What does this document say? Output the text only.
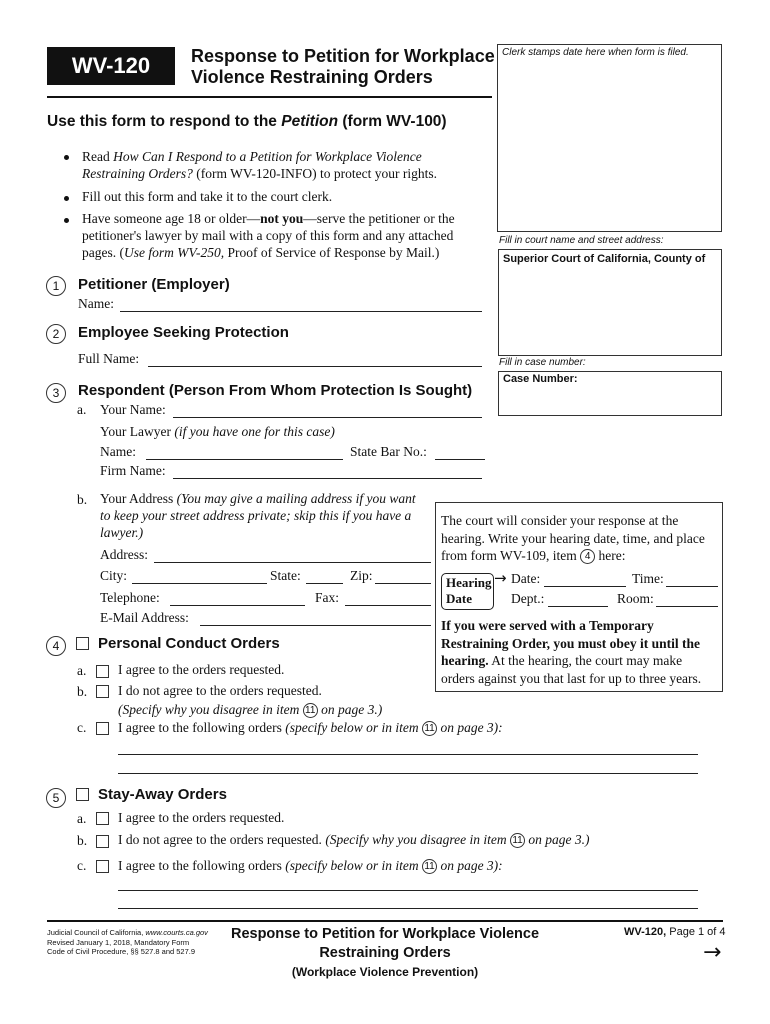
WV-120	Response to Petition for Workplace
Violence Restraining Orders
Clerk stamps date here when form is filed.
Use this form to respond to the Petition (form WV-100)
Read How Can I Respond to a Petition for Workplace Violence
Restraining Orders? (form WV-120-INFO) to protect your rights.
Fill out this form and take it to the court clerk.
Have someone age 18 or older—not you—serve the petitioner or the
petitioner's lawyer by mail with a copy of this form and any attached
pages. (Use form WV-250, Proof of Service of Response by Mail.)
Fill in court name and street address:
Superior Court of California, County of
Fill in case number:
Case Number:
1	Petitioner (Employer)
Name:
2	Employee Seeking Protection
Full Name:
3	Respondent (Person From Whom Protection Is Sought)
a. Your Name:
Your Lawyer (if you have one for this case)
Name:	State Bar No.:
Firm Name:
b. Your Address (You may give a mailing address if you want
to keep your street address private; skip this if you have a
lawyer.)
Address:
City:	State:	Zip:
Telephone:	Fax:
E-Mail Address:
The court will consider your response at the
hearing. Write your hearing date, time, and place
from form WV-109, item 4 here:
Hearing
Date
→ Date:	Time:
Dept.:	Room:
If you were served with a Temporary
Restraining Order, you must obey it until the
hearing. At the hearing, the court may make
orders against you that last for up to three years.
4	Personal Conduct Orders
a. I agree to the orders requested.
b. I do not agree to the orders requested.
(Specify why you disagree in item 11 on page 3.)
c. I agree to the following orders (specify below or in item 11 on page 3):
5	Stay-Away Orders
a. I agree to the orders requested.
b. I do not agree to the orders requested. (Specify why you disagree in item 11 on page 3.)
c. I agree to the following orders (specify below or in item 11 on page 3):
Judicial Council of California, www.courts.ca.gov
Revised January 1, 2018, Mandatory Form
Code of Civil Procedure, §§ 527.8 and 527.9
Response to Petition for Workplace Violence
Restraining Orders
(Workplace Violence Prevention)
WV-120, Page 1 of 4
→
